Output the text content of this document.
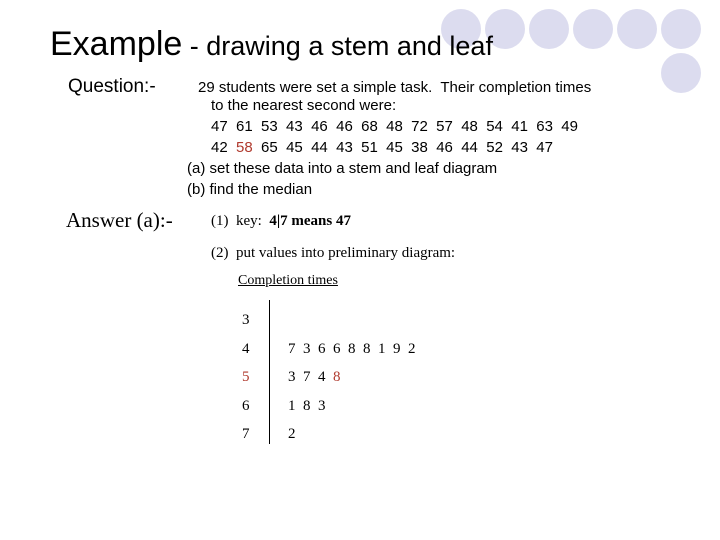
Example - drawing a stem and leaf
Question:-	29 students were set a simple task.  Their completion times
to the nearest second were:
47  61  53  43  46  46  68  48  72  57  48  54  41  63  49
42  58  65  45  44  43  51  45  38  46  44  52  43  47
(a) set these data into a stem and leaf diagram
(b) find the median
Answer (a):-	(1)  key:  4|7 means 47
(2)  put values into preliminary diagram:
Completion times
3
4	7  3  6  6  8  8  1  9  2
5	3  7  4  8
6	1  8  3
7	2
